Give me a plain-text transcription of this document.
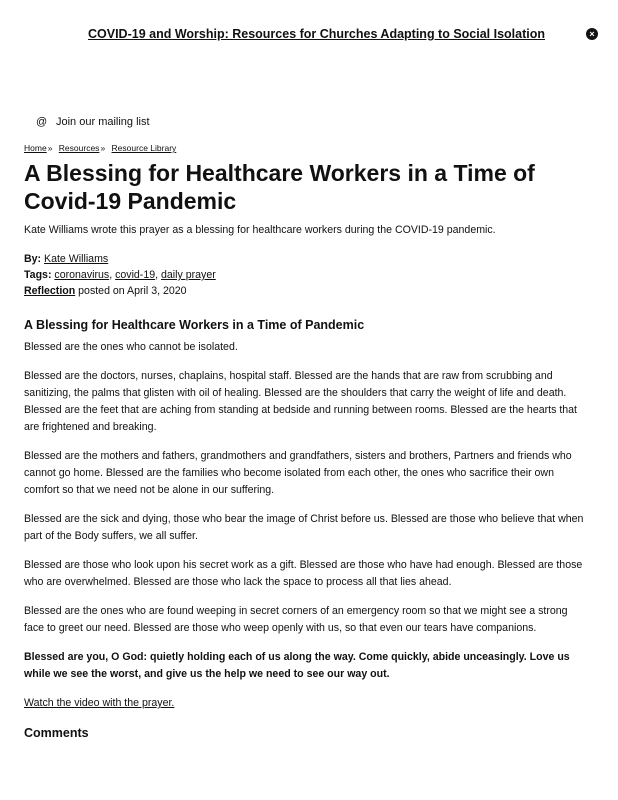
COVID-19 and Worship: Resources for Churches Adapting to Social Isolation	×
@ Join our mailing list
Home» Resources» Resource Library
A Blessing for Healthcare Workers in a Time of Covid-19 Pandemic

Kate Williams wrote this prayer as a blessing for healthcare workers during the COVID-19 pandemic.

By: Kate Williams
Tags: coronavirus, covid-19, daily prayer
Reflection posted on April 3, 2020
A Blessing for Healthcare Workers in a Time of Pandemic

Blessed are the ones who cannot be isolated.

Blessed are the doctors, nurses, chaplains, hospital staff. Blessed are the hands that are raw from scrubbing and sanitizing, the palms that glisten with oil of healing. Blessed are the shoulders that carry the weight of life and death. Blessed are the feet that are aching from standing at bedside and running between rooms. Blessed are the hearts that are frightened and breaking.

Blessed are the mothers and fathers, grandmothers and grandfathers, sisters and brothers, Partners and friends who cannot go home. Blessed are the families who become isolated from each other, the ones who sacrifice their own comfort so that we need not be alone in our suffering.

Blessed are the sick and dying, those who bear the image of Christ before us. Blessed are those who believe that when part of the Body suffers, we all suffer.

Blessed are those who look upon his secret work as a gift. Blessed are those who have had enough. Blessed are those who are overwhelmed. Blessed are those who lack the space to process all that lies ahead.

Blessed are the ones who are found weeping in secret corners of an emergency room so that we might see a strong face to greet our need. Blessed are those who weep openly with us, so that even our tears have companions.

Blessed are you, O God: quietly holding each of us along the way. Come quickly, abide unceasingly. Love us while we see the worst, and give us the help we need to see our way out.

Watch the video with the prayer.

Comments
